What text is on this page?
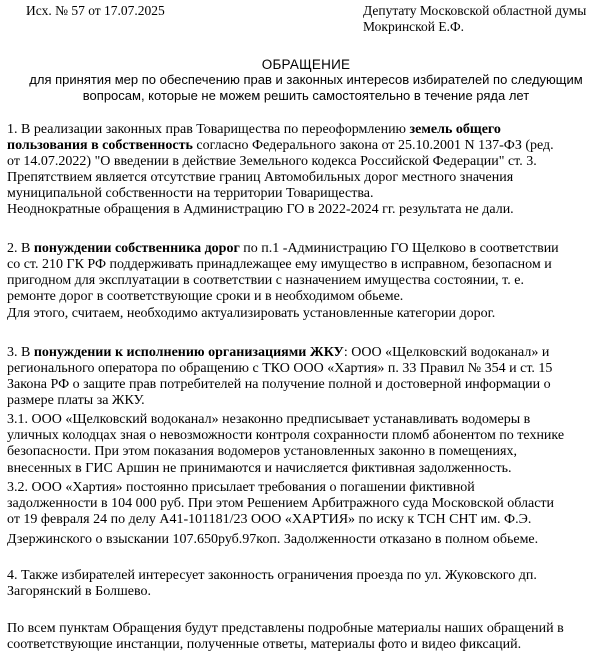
Исх. № 57 от 17.07.2025	Депутату Московской областной думы
Мокринской Е.Ф.
ОБРАЩЕНИЕ
для принятия мер по обеспечению прав и законных интересов избирателей по следующим
вопросам, которые не можем решить самостоятельно в течение ряда лет
1. В реализации законных прав Товарищества по переоформлению земель общего
пользования в собственность согласно Федерального закона от 25.10.2001 N 137-ФЗ (ред.
от 14.07.2022) "О введении в действие Земельного кодекса Российской Федерации" ст. 3.
Препятствием является отсутствие границ Автомобильных дорог местного значения
муниципальной собственности на территории Товарищества.
Неоднократные обращения в Администрацию ГО в 2022-2024 гг. результата не дали.
2. В понуждении собственника дорог по п.1 -Администрацию ГО Щелково в соответствии
со ст. 210 ГК РФ поддерживать принадлежащее ему имущество в исправном, безопасном и
пригодном для эксплуатации в соответствии с назначением имущества состоянии, т. е.
ремонте дорог в соответствующие сроки и в необходимом обьеме.
Для этого, считаем, необходимо актуализировать установленные категории дорог.
3. В понуждении к исполнению организациями ЖКУ: ООО «Щелковский водоканал» и
регионального оператора по обращению с ТКО ООО «Хартия» п. 33 Правил № 354 и ст. 15
Закона РФ о защите прав потребителей на получение полной и достоверной информации о
размере платы за ЖКУ.
3.1. ООО «Щелковский водоканал» незаконно предписывает устанавливать водомеры в
уличных колодцах зная о невозможности контроля сохранности пломб абонентом по технике
безопасности. При этом показания водомеров установленных законно в помещениях,
внесенных в ГИС Аршин не принимаются и начисляется фиктивная задолженность.
3.2. ООО «Хартия» постоянно присылает требования о погашении фиктивной
задолженности в 104 000 руб. При этом Решением Арбитражного суда Московской области
от 19 февраля 24 по делу А41-101181/23 ООО «ХАРТИЯ» по иску к ТСН СНТ им. Ф.Э.
Дзержинского о взыскании 107.650руб.97коп. Задолженности отказано в полном обьеме.
4. Также избирателей интересует законность ограничения проезда по ул. Жуковского дп.
Загорянский в Болшево.
По всем пунктам Обращения будут представлены подробные материалы наших обращений в
соответствующие инстанции, полученные ответы, материалы фото и видео фиксаций.
